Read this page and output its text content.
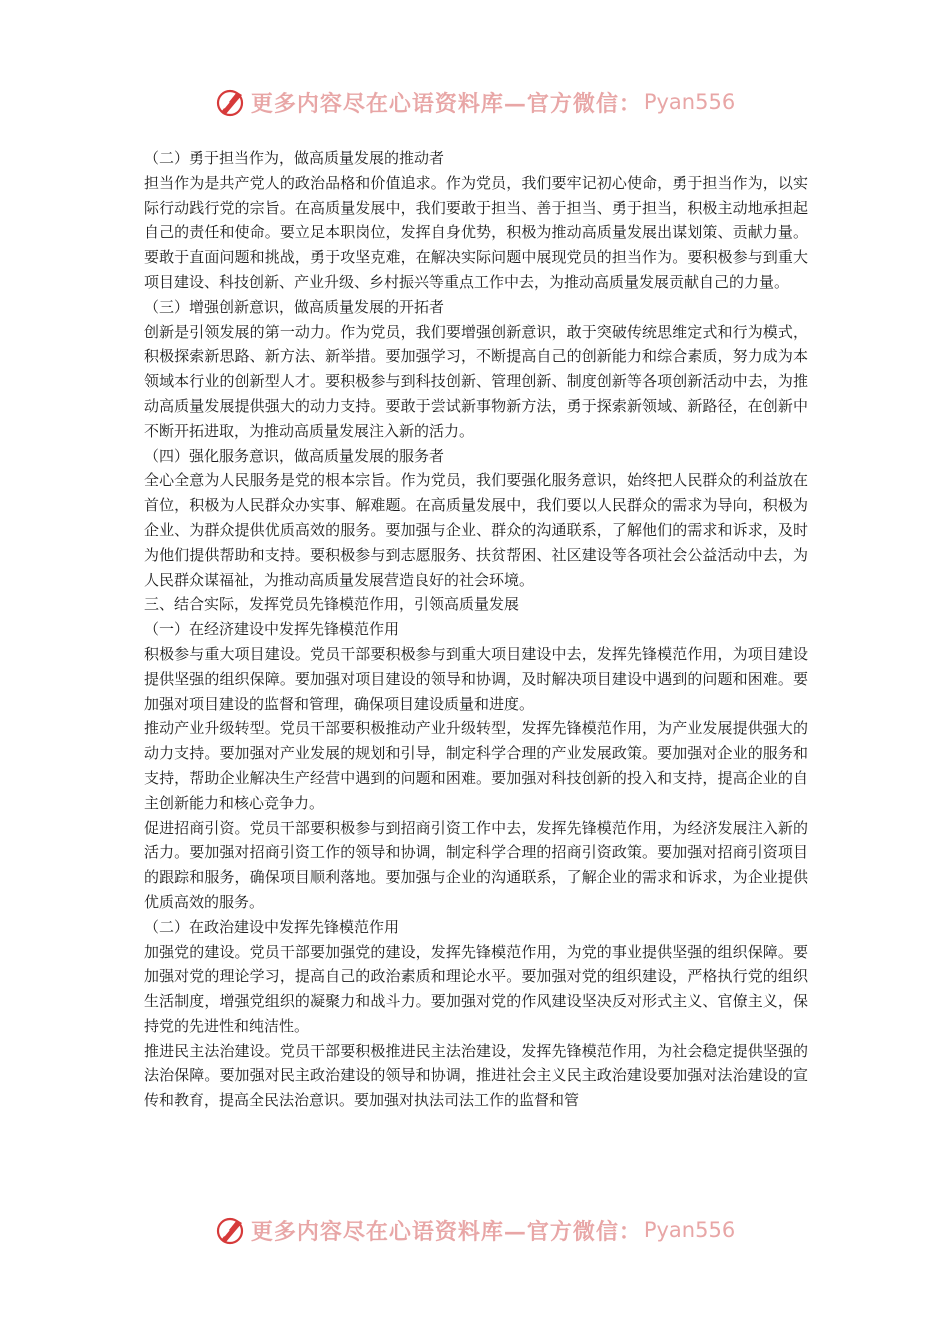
更多内容尽在心语资料库—官方微信： Pyan556

（二）勇于担当作为，做高质量发展的推动者

担当作为是共产党人的政治品格和价值追求。作为党员，我们要牢记初心使命，勇于担当作为，以实际行动践行党的宗旨。在高质量发展中，我们要敢于担当、善于担当、勇于担当，积极主动地承担起自己的责任和使命。要立足本职岗位，发挥自身优势，积极为推动高质量发展出谋划策、贡献力量。要敢于直面问题和挑战，勇于攻坚克难，在解决实际问题中展现党员的担当作为。要积极参与到重大项目建设、科技创新、产业升级、乡村振兴等重点工作中去，为推动高质量发展贡献自己的力量。

（三）增强创新意识，做高质量发展的开拓者

创新是引领发展的第一动力。作为党员，我们要增强创新意识，敢于突破传统思维定式和行为模式，积极探索新思路、新方法、新举措。要加强学习，不断提高自己的创新能力和综合素质，努力成为本领域本行业的创新型人才。要积极参与到科技创新、管理创新、制度创新等各项创新活动中去，为推动高质量发展提供强大的动力支持。要敢于尝试新事物新方法，勇于探索新领域、新路径，在创新中不断开拓进取，为推动高质量发展注入新的活力。

（四）强化服务意识，做高质量发展的服务者

全心全意为人民服务是党的根本宗旨。作为党员，我们要强化服务意识，始终把人民群众的利益放在首位，积极为人民群众办实事、解难题。在高质量发展中，我们要以人民群众的需求为导向，积极为企业、为群众提供优质高效的服务。要加强与企业、群众的沟通联系，了解他们的需求和诉求，及时为他们提供帮助和支持。要积极参与到志愿服务、扶贫帮困、社区建设等各项社会公益活动中去，为人民群众谋福祉，为推动高质量发展营造良好的社会环境。

三、结合实际，发挥党员先锋模范作用，引领高质量发展

（一）在经济建设中发挥先锋模范作用

积极参与重大项目建设。党员干部要积极参与到重大项目建设中去，发挥先锋模范作用，为项目建设提供坚强的组织保障。要加强对项目建设的领导和协调，及时解决项目建设中遇到的问题和困难。要加强对项目建设的监督和管理，确保项目建设质量和进度。

推动产业升级转型。党员干部要积极推动产业升级转型，发挥先锋模范作用，为产业发展提供强大的动力支持。要加强对产业发展的规划和引导，制定科学合理的产业发展政策。要加强对企业的服务和支持，帮助企业解决生产经营中遇到的问题和困难。要加强对科技创新的投入和支持，提高企业的自主创新能力和核心竞争力。

促进招商引资。党员干部要积极参与到招商引资工作中去，发挥先锋模范作用，为经济发展注入新的活力。要加强对招商引资工作的领导和协调，制定科学合理的招商引资政策。要加强对招商引资项目的跟踪和服务，确保项目顺利落地。要加强与企业的沟通联系，了解企业的需求和诉求，为企业提供优质高效的服务。

（二）在政治建设中发挥先锋模范作用

加强党的建设。党员干部要加强党的建设，发挥先锋模范作用，为党的事业提供坚强的组织保障。要加强对党的理论学习，提高自己的政治素质和理论水平。要加强对党的组织建设，严格执行党的组织生活制度，增强党组织的凝聚力和战斗力。要加强对党的作风建设坚决反对形式主义、官僚主义，保持党的先进性和纯洁性。

推进民主法治建设。党员干部要积极推进民主法治建设，发挥先锋模范作用，为社会稳定提供坚强的法治保障。要加强对民主政治建设的领导和协调，推进社会主义民主政治建设要加强对法治建设的宣传和教育，提高全民法治意识。要加强对执法司法工作的监督和管

更多内容尽在心语资料库—官方微信： Pyan556
